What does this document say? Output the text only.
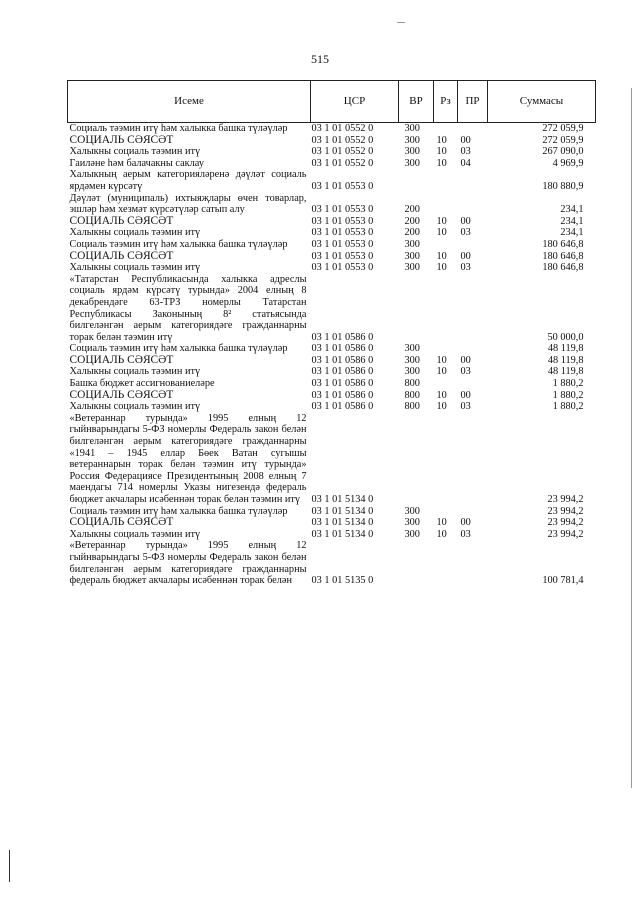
515
Исеме	ЦСР	ВР	Рз	ПР	Суммасы
Социаль тәэмин итү һәм халыкка башка түләүләр	03 1 01 0552 0	300			272 059,9
СОЦИАЛЬ СӘЯСӘТ	03 1 01 0552 0	300	10	00	272 059,9
Халыкны социаль тәэмин итү	03 1 01 0552 0	300	10	03	267 090,0
Гаиләне һәм балачакны саклау	03 1 01 0552 0	300	10	04	4 969,9
Халыкның аерым категорияләренә дәүләт социаль ярдәмен күрсәтү	03 1 01 0553 0				180 880,9
Дәүләт (муниципаль) ихтыяҗлары өчен товарлар, эшләр һәм хезмәт күрсәтүләр сатып алу	03 1 01 0553 0	200			234,1
СОЦИАЛЬ СӘЯСӘТ	03 1 01 0553 0	200	10	00	234,1
Халыкны социаль тәэмин итү	03 1 01 0553 0	200	10	03	234,1
Социаль тәэмин итү һәм халыкка башка түләүләр	03 1 01 0553 0	300			180 646,8
СОЦИАЛЬ СӘЯСӘТ	03 1 01 0553 0	300	10	00	180 646,8
Халыкны социаль тәэмин итү	03 1 01 0553 0	300	10	03	180 646,8
«Татарстан Республикасында халыкка адреслы социаль ярдәм күрсәтү турында» 2004 елның 8 декабрендәге 63-ТРЗ номерлы Татарстан Республикасы Законының 8² статьясында билгеләнгән аерым категориядәге гражданнарны торак белән тәэмин итү	03 1 01 0586 0				50 000,0
Социаль тәэмин итү һәм халыкка башка түләүләр	03 1 01 0586 0	300			48 119,8
СОЦИАЛЬ СӘЯСӘТ	03 1 01 0586 0	300	10	00	48 119,8
Халыкны социаль тәэмин итү	03 1 01 0586 0	300	10	03	48 119,8
Башка бюджет ассигнованиеләре	03 1 01 0586 0	800			1 880,2
СОЦИАЛЬ СӘЯСӘТ	03 1 01 0586 0	800	10	00	1 880,2
Халыкны социаль тәэмин итү	03 1 01 0586 0	800	10	03	1 880,2
«Ветераннар турында» 1995 елның 12 гыйнварындагы 5-ФЗ номерлы Федераль закон белән билгеләнгән аерым категориядәге гражданнарны «1941 – 1945 еллар Бөек Ватан сугышы ветераннарын торак белән тәэмин итү турында» Россия Федерациясе Президентының 2008 елның 7 маендагы 714 номерлы Указы нигезендә федераль бюджет акчалары исәбеннән торак белән тәэмин итү	03 1 01 5134 0				23 994,2
Социаль тәэмин итү һәм халыкка башка түләүләр	03 1 01 5134 0	300			23 994,2
СОЦИАЛЬ СӘЯСӘТ	03 1 01 5134 0	300	10	00	23 994,2
Халыкны социаль тәэмин итү	03 1 01 5134 0	300	10	03	23 994,2
«Ветераннар турында» 1995 елның 12 гыйнварындагы 5-ФЗ номерлы Федераль закон белән билгеләнгән аерым категориядәге гражданнарны федераль бюджет акчалары исәбеннән торак белән	03 1 01 5135 0				100 781,4
